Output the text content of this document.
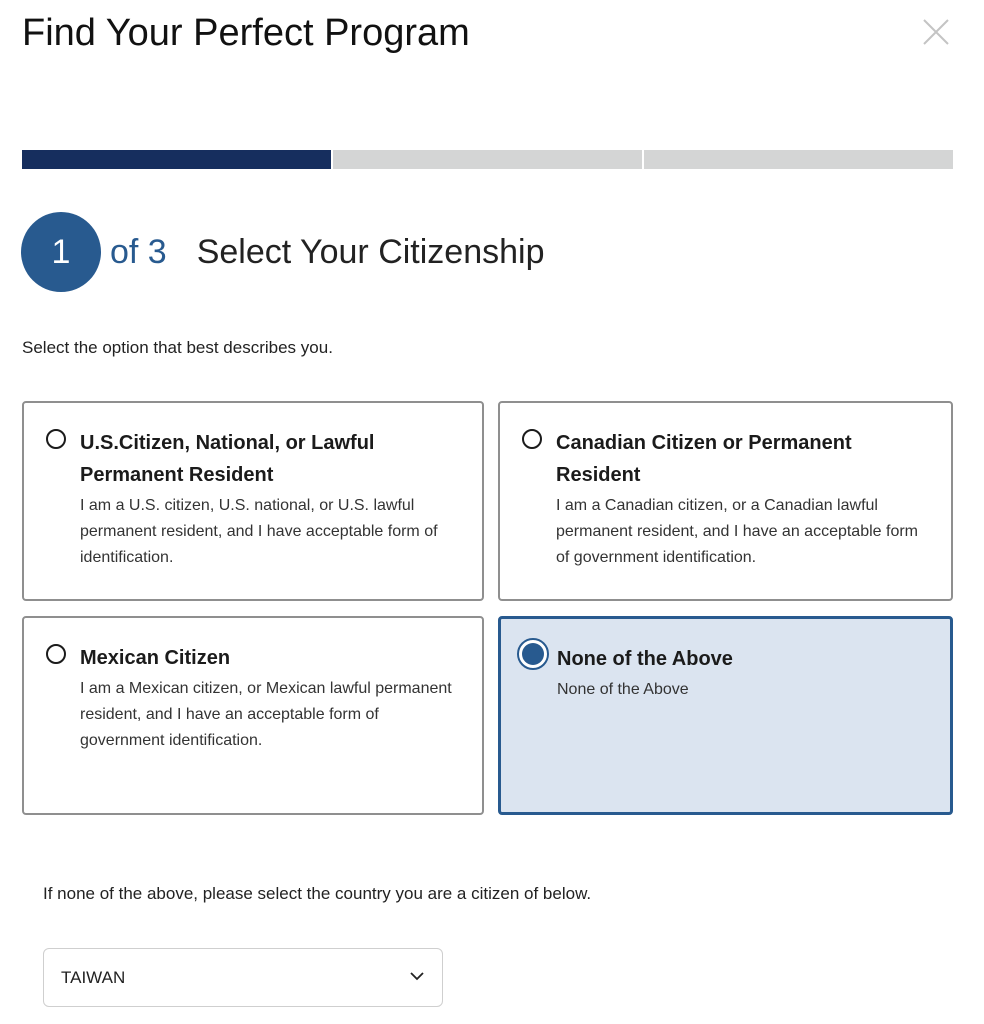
Find Your Perfect Program
1	of 3 Select Your Citizenship
Select the option that best describes you.
U.S.Citizen, National, or Lawful Permanent Resident
I am a U.S. citizen, U.S. national, or U.S. lawful permanent resident, and I have acceptable form of identification.
Canadian Citizen or Permanent Resident
I am a Canadian citizen, or a Canadian lawful permanent resident, and I have an acceptable form of government identification.
Mexican Citizen
I am a Mexican citizen, or Mexican lawful permanent resident, and I have an acceptable form of government identification.
None of the Above
None of the Above
If none of the above, please select the country you are a citizen of below.
TAIWAN
